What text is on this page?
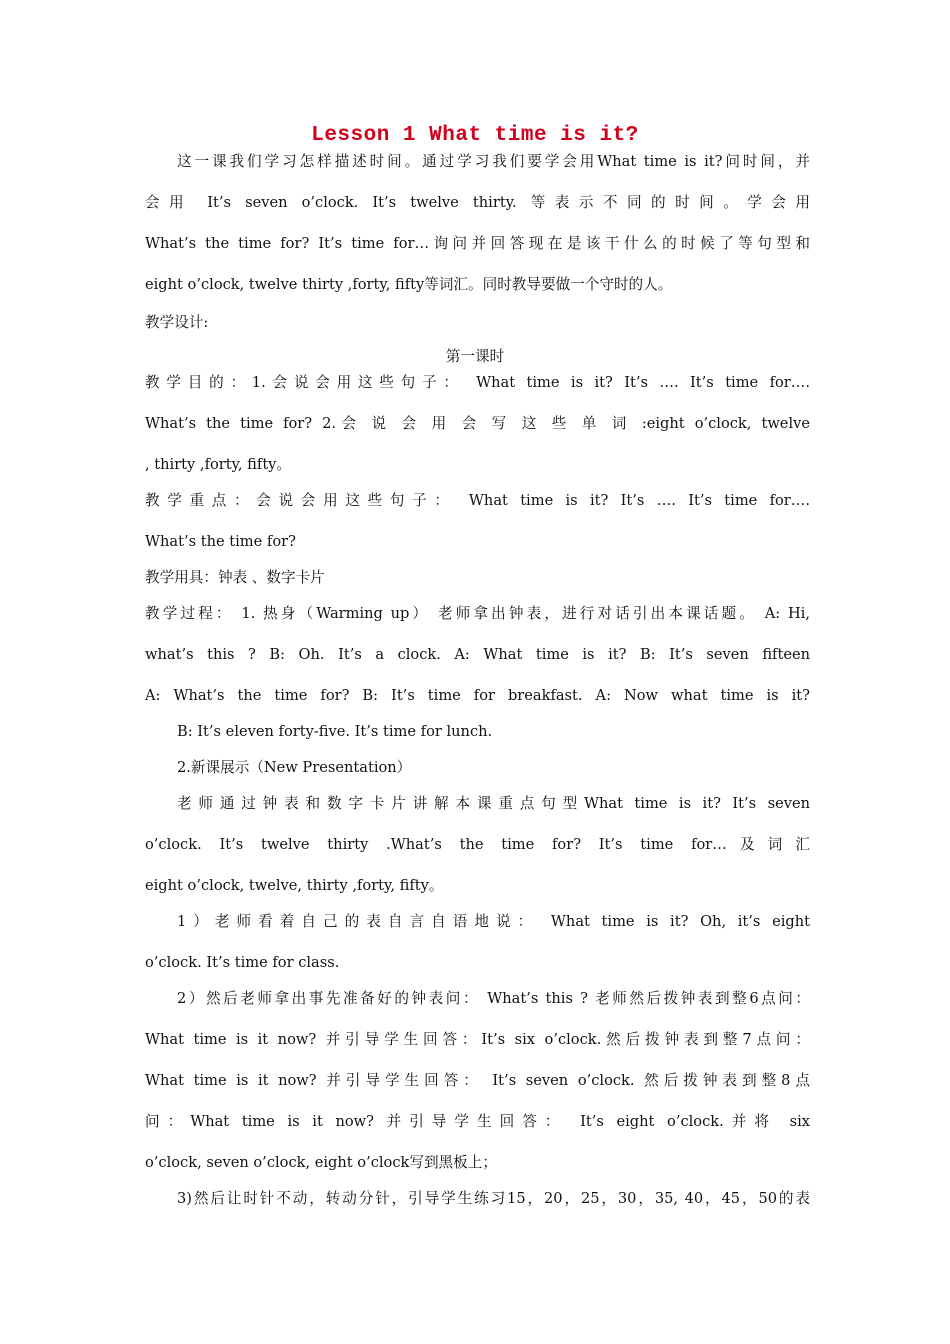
Lesson 1 What time is it?
这一课我们学习怎样描述时间。通过学习我们要学会用What time is it?问时间，并
会用 It’s seven o’clock. It’s twelve thirty. 等表示不同的时间。学会用
What’s the time for? It’s time for…询问并回答现在是该干什么的时候了等句型和
eight o’clock, twelve thirty ,forty, fifty等词汇。同时教导要做一个守时的人。
教学设计:
第一课时
教学目的：1.会说会用这些句子： What time is it? It’s …. It’s time for….
What’s the time for? 2.会 说 会 用 会 写 这 些 单 词 :eight o’clock, twelve
, thirty ,forty, fifty。
教学重点：会说会用这些句子： What time is it? It’s …. It’s time for….
What’s the time for?
教学用具：钟表 、数字卡片
教学过程： 1. 热身（Warming up） 老师拿出钟表，进行对话引出本课话题。 A: Hi,
what’s this ? B: Oh. It’s a clock. A: What time is it? B: It’s seven fifteen
A: What’s the time for? B: It’s time for breakfast. A: Now what time is it?
B: It’s eleven forty-five. It’s time for lunch.
2.新课展示（New Presentation）
老师通过钟表和数字卡片讲解本课重点句型What time is it? It’s seven
o’clock. It’s twelve thirty .What’s the time for? It’s time for…及词汇
eight o’clock, twelve, thirty ,forty, fifty。
1）老师看着自己的表自言自语地说： What time is it? Oh, it’s eight
o’clock. It’s time for class.
2）然后老师拿出事先准备好的钟表问： What’s this ? 老师然后拨钟表到整6点问：
What time is it now? 并引导学生回答：It’s six o’clock.然后拨钟表到整7点问：
What time is it now? 并引导学生回答： It’s seven o’clock. 然后拨钟表到整8点
问：What time is it now? 并引导学生回答： It’s eight o’clock.并将 six
o’clock, seven o’clock, eight o’clock写到黑板上；
3)然后让时针不动，转动分针，引导学生练习15，20，25，30，35, 40，45，50的表
